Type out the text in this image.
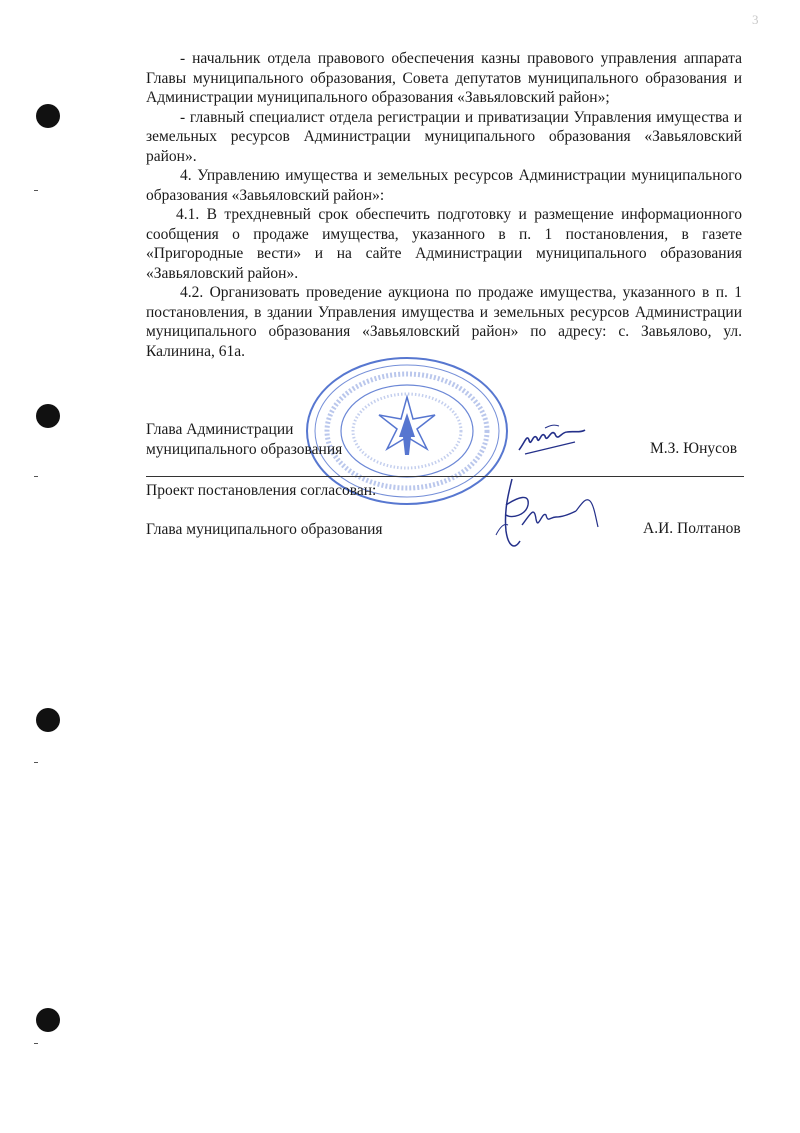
3

- начальник отдела правового обеспечения казны правового управления аппарата Главы муниципального образования, Совета депутатов муниципального образования и Администрации муниципального образования «Завьяловский район»;

- главный специалист отдела регистрации и приватизации Управления имущества и земельных ресурсов Администрации муниципального образования «Завьяловский район».

4. Управлению имущества и земельных ресурсов Администрации муниципального образования «Завьяловский район»:

4.1. В трехдневный срок обеспечить подготовку и размещение информационного сообщения о продаже имущества, указанного в п. 1 постановления, в газете «Пригородные вести» и на сайте Администрации муниципального образования «Завьяловский район».

4.2. Организовать проведение аукциона по продаже имущества, указанного в п. 1 постановления, в здании Управления имущества и земельных ресурсов Администрации муниципального образования «Завьяловский район» по адресу: с. Завьялово, ул. Калинина, 61а.

Глава Администрации
муниципального образования	М.З. Юнусов
Проект постановления согласован:
Глава муниципального образования	А.И. Полтанов
